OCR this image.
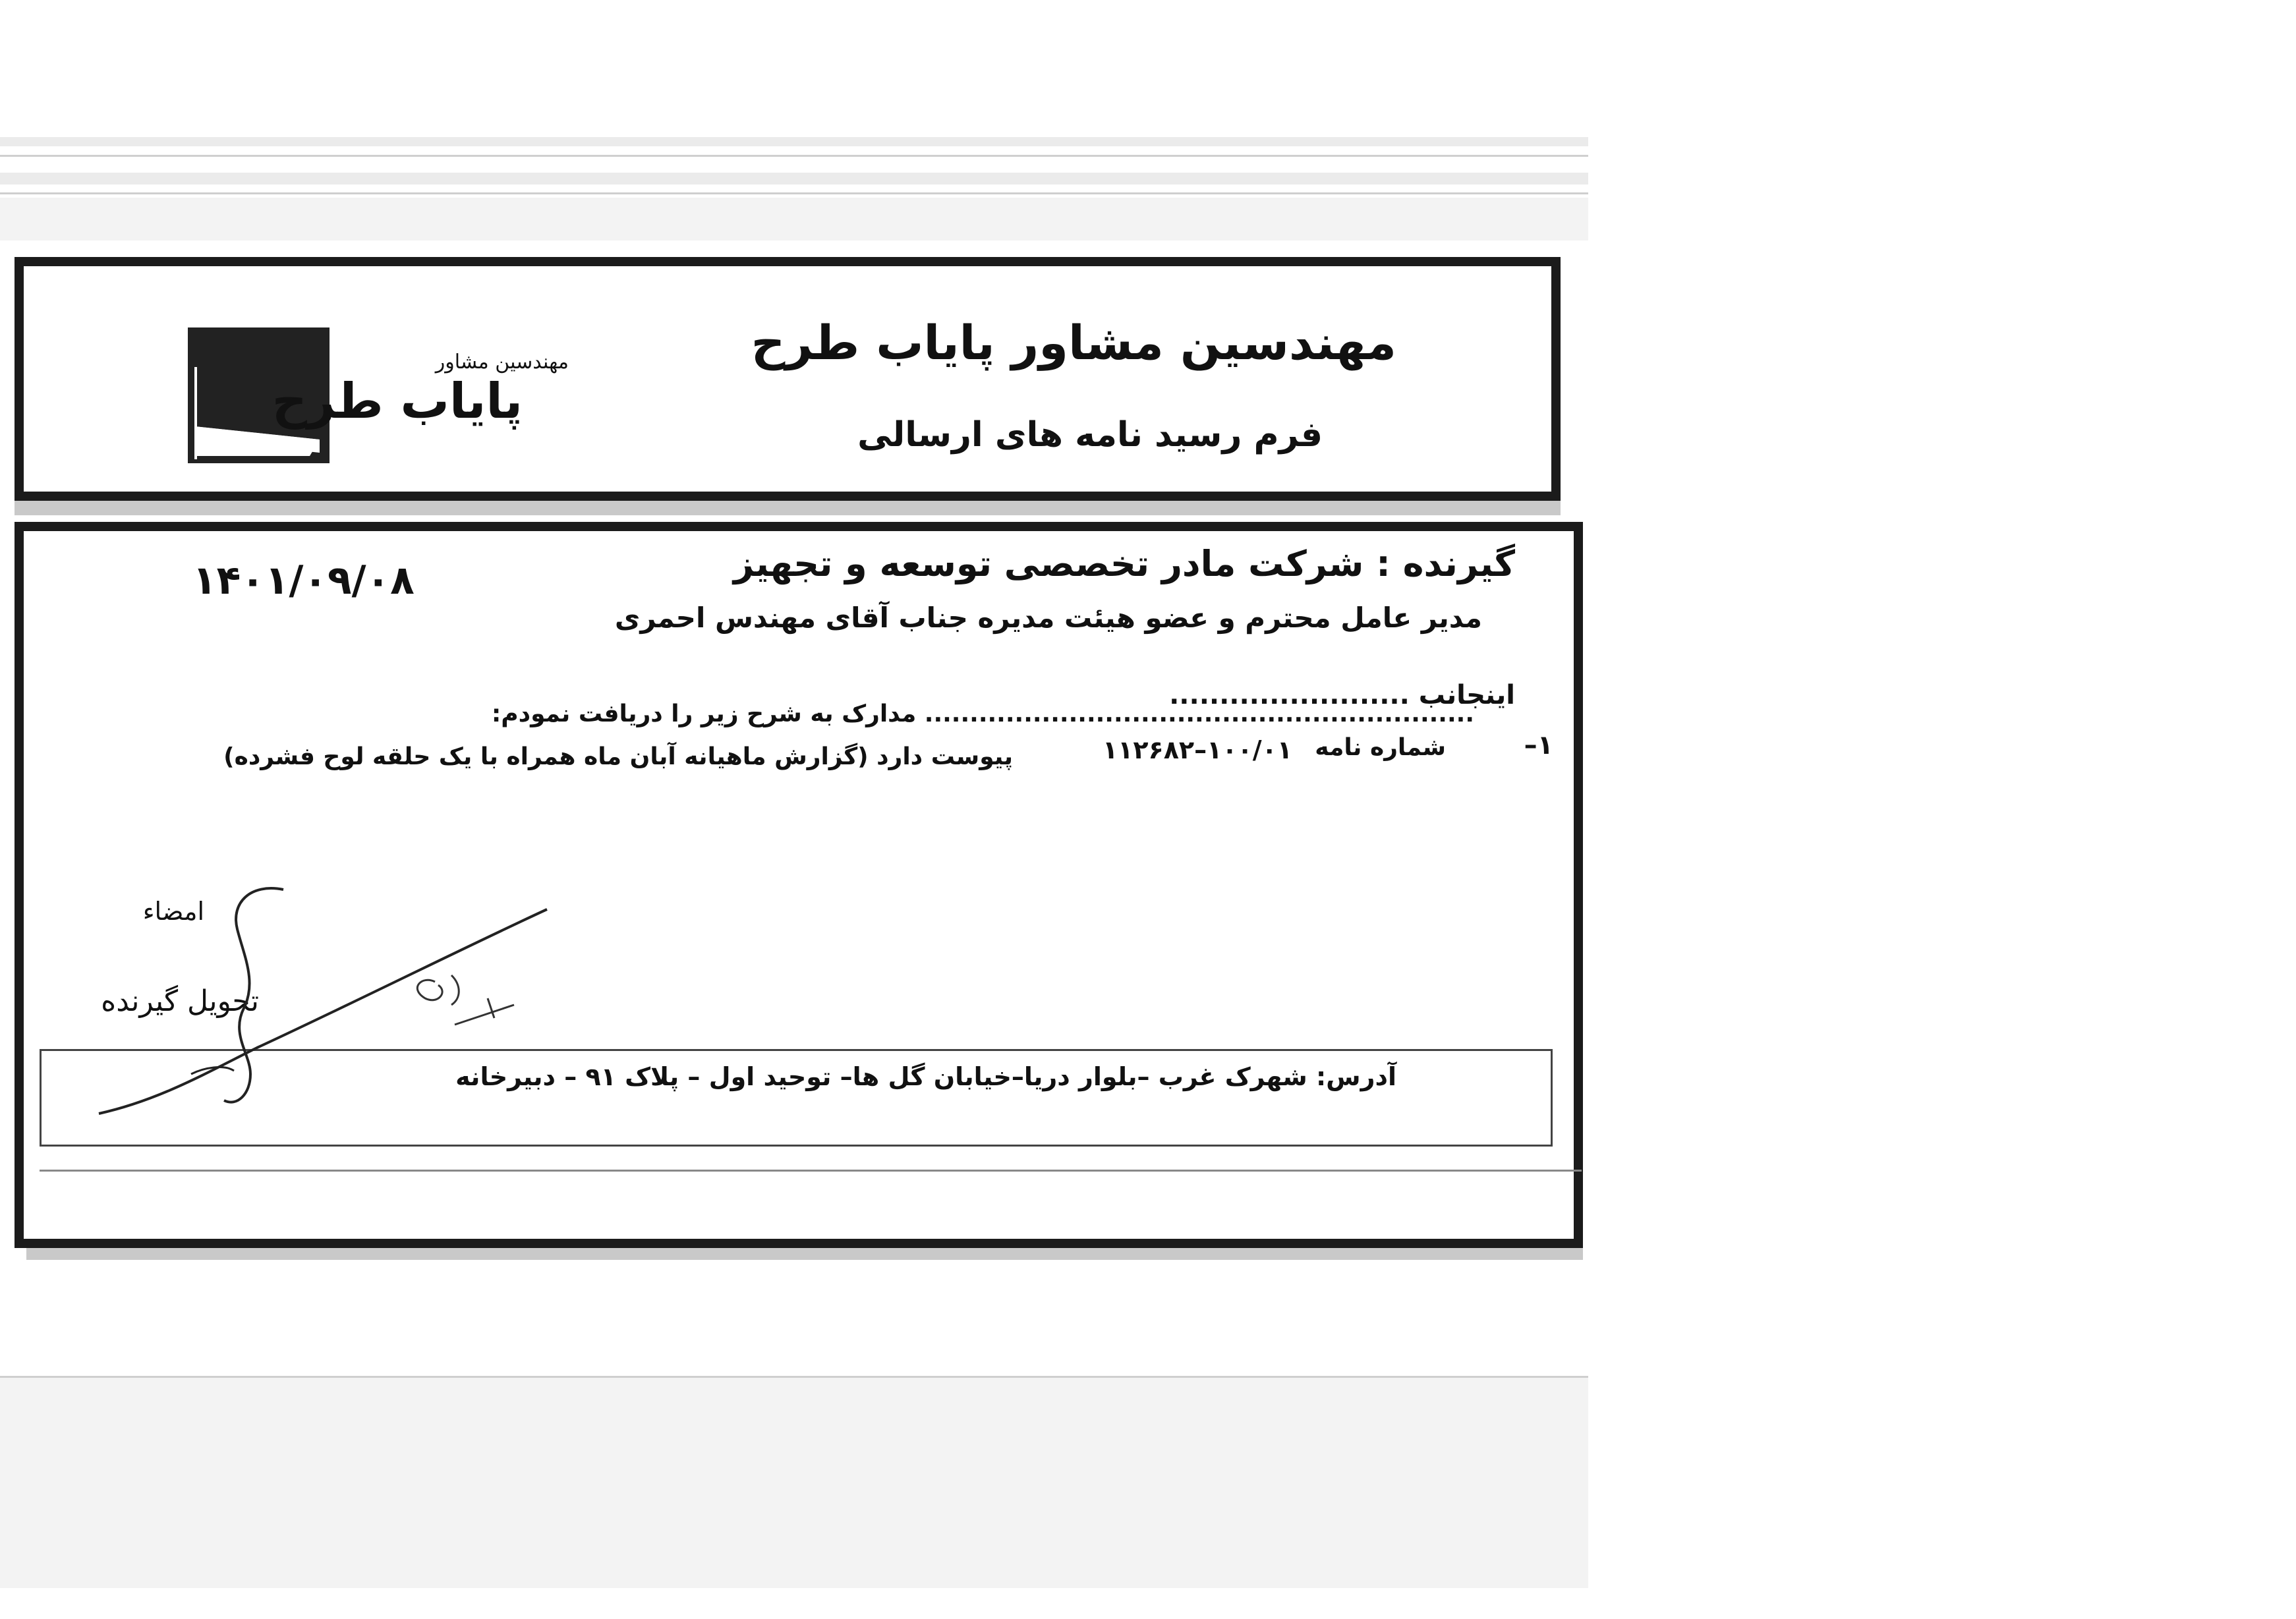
مهندسین مشاور پایاب طرح
فرم رسید نامه های ارسالی
مهندسین مشاور
پایاب طرح
گیرنده : شرکت مادر تخصصی توسعه و تجهیز
مدیر عامل محترم و عضو هیئت مدیره جناب آقای مهندس احمری
۱۴۰۱/۰۹/۰۸
اینجانب ........................
............................................................. مدارک به شرح زیر را دریافت نمودم:
۱–
شماره نامه
۱۰۰/۰۱–۱۱۲۶۸۲
پیوست دارد (گزارش ماهیانه آبان ماه همراه با یک حلقه لوح فشرده)
امضاء
تحویل گیرنده
آدرس: شهرک غرب –بلوار دریا–خیابان گل ها– توحید اول – پلاک ۹۱ – دبیرخانه
